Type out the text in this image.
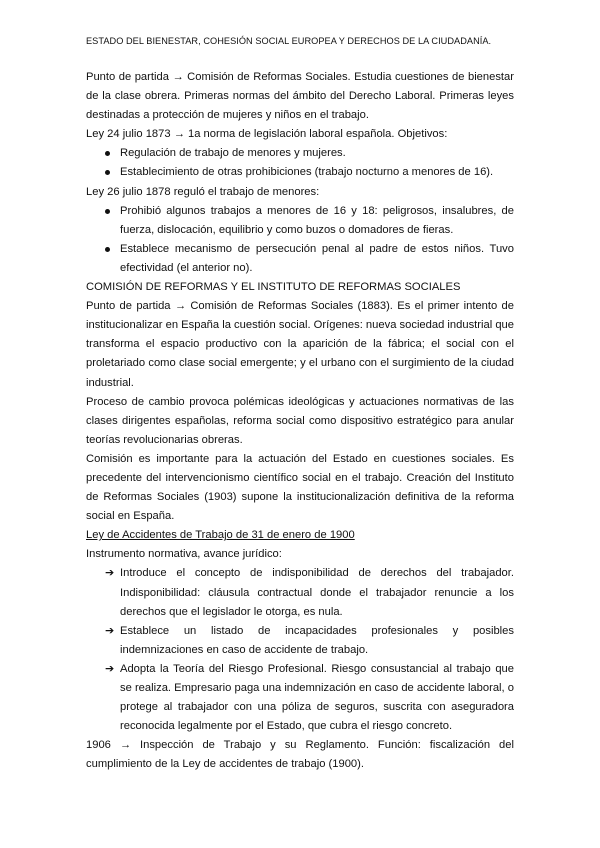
ESTADO DEL BIENESTAR, COHESIÓN SOCIAL EUROPEA Y DERECHOS DE LA CIUDADANÍA.

Punto de partida → Comisión de Reformas Sociales. Estudia cuestiones de bienestar de la clase obrera. Primeras normas del ámbito del Derecho Laboral. Primeras leyes destinadas a protección de mujeres y niños en el trabajo.

Ley 24 julio 1873 → 1a norma de legislación laboral española. Objetivos:

Regulación de trabajo de menores y mujeres.
Establecimiento de otras prohibiciones (trabajo nocturno a menores de 16).

Ley 26 julio 1878 reguló el trabajo de menores:

Prohibió algunos trabajos a menores de 16 y 18: peligrosos, insalubres, de fuerza, dislocación, equilibrio y como buzos o domadores de fieras.
Establece mecanismo de persecución penal al padre de estos niños. Tuvo efectividad (el anterior no).

COMISIÓN DE REFORMAS Y EL INSTITUTO DE REFORMAS SOCIALES

Punto de partida → Comisión de Reformas Sociales (1883). Es el primer intento de institucionalizar en España la cuestión social. Orígenes: nueva sociedad industrial que transforma el espacio productivo con la aparición de la fábrica; el social con el proletariado como clase social emergente; y el urbano con el surgimiento de la ciudad industrial.

Proceso de cambio provoca polémicas ideológicas y actuaciones normativas de las clases dirigentes españolas, reforma social como dispositivo estratégico para anular teorías revolucionarias obreras.

Comisión es importante para la actuación del Estado en cuestiones sociales. Es precedente del intervencionismo científico social en el trabajo. Creación del Instituto de Reformas Sociales (1903) supone la institucionalización definitiva de la reforma social en España.

Ley de Accidentes de Trabajo de 31 de enero de 1900

Instrumento normativa, avance jurídico:

➔ Introduce el concepto de indisponibilidad de derechos del trabajador. Indisponibilidad: cláusula contractual donde el trabajador renuncie a los derechos que el legislador le otorga, es nula.
➔ Establece un listado de incapacidades profesionales y posibles indemnizaciones en caso de accidente de trabajo.
➔ Adopta la Teoría del Riesgo Profesional. Riesgo consustancial al trabajo que se realiza. Empresario paga una indemnización en caso de accidente laboral, o protege al trabajador con una póliza de seguros, suscrita con aseguradora reconocida legalmente por el Estado, que cubra el riesgo concreto.

1906 → Inspección de Trabajo y su Reglamento. Función: fiscalización del cumplimiento de la Ley de accidentes de trabajo (1900).
